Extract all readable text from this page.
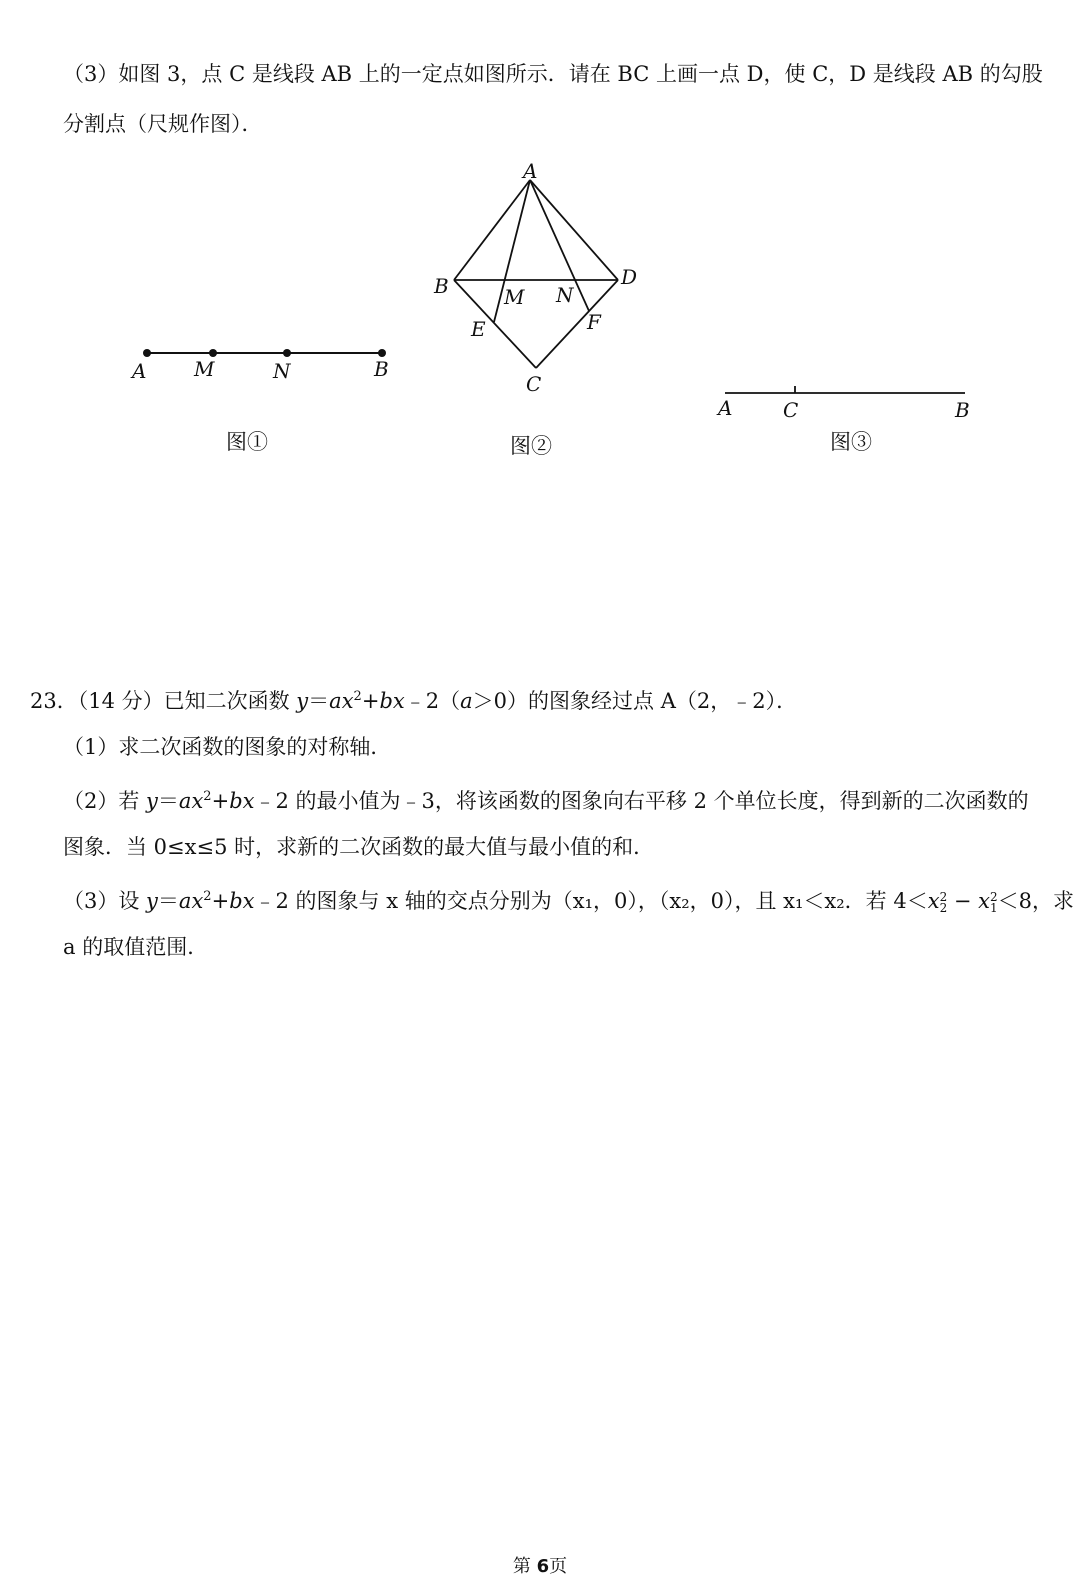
（3）如图 3，点 C 是线段 AB 上的一定点如图所示．请在 BC 上画一点 D，使 C，D 是线段 AB 的勾股
分割点（尺规作图）．
A M	N	B
图①
A
B	D
M N
E	F
C
图②
A	C	B
图③
23．（14 分）已知二次函数 $y=ax^2+bx﹣2(a>0)$的图象经过点 A（2，﹣2）．
（1）求二次函数的图象的对称轴．
（2）若 $y=ax^2+bx﹣2$ 的最小值为﹣3，将该函数的图象向右平移 2 个单位长度，得到新的二次函数的
图象．当 0≤x≤5 时，求新的二次函数的最大值与最小值的和．
（3）设 $y=ax^2+bx﹣2$ 的图象与 x 轴的交点分别为（x₁，0），（x₂，0），且 x₁＜x₂．若 4＜x 2
2 − x 2
1 ＜8，求
a 的取值范围．
第 6页
